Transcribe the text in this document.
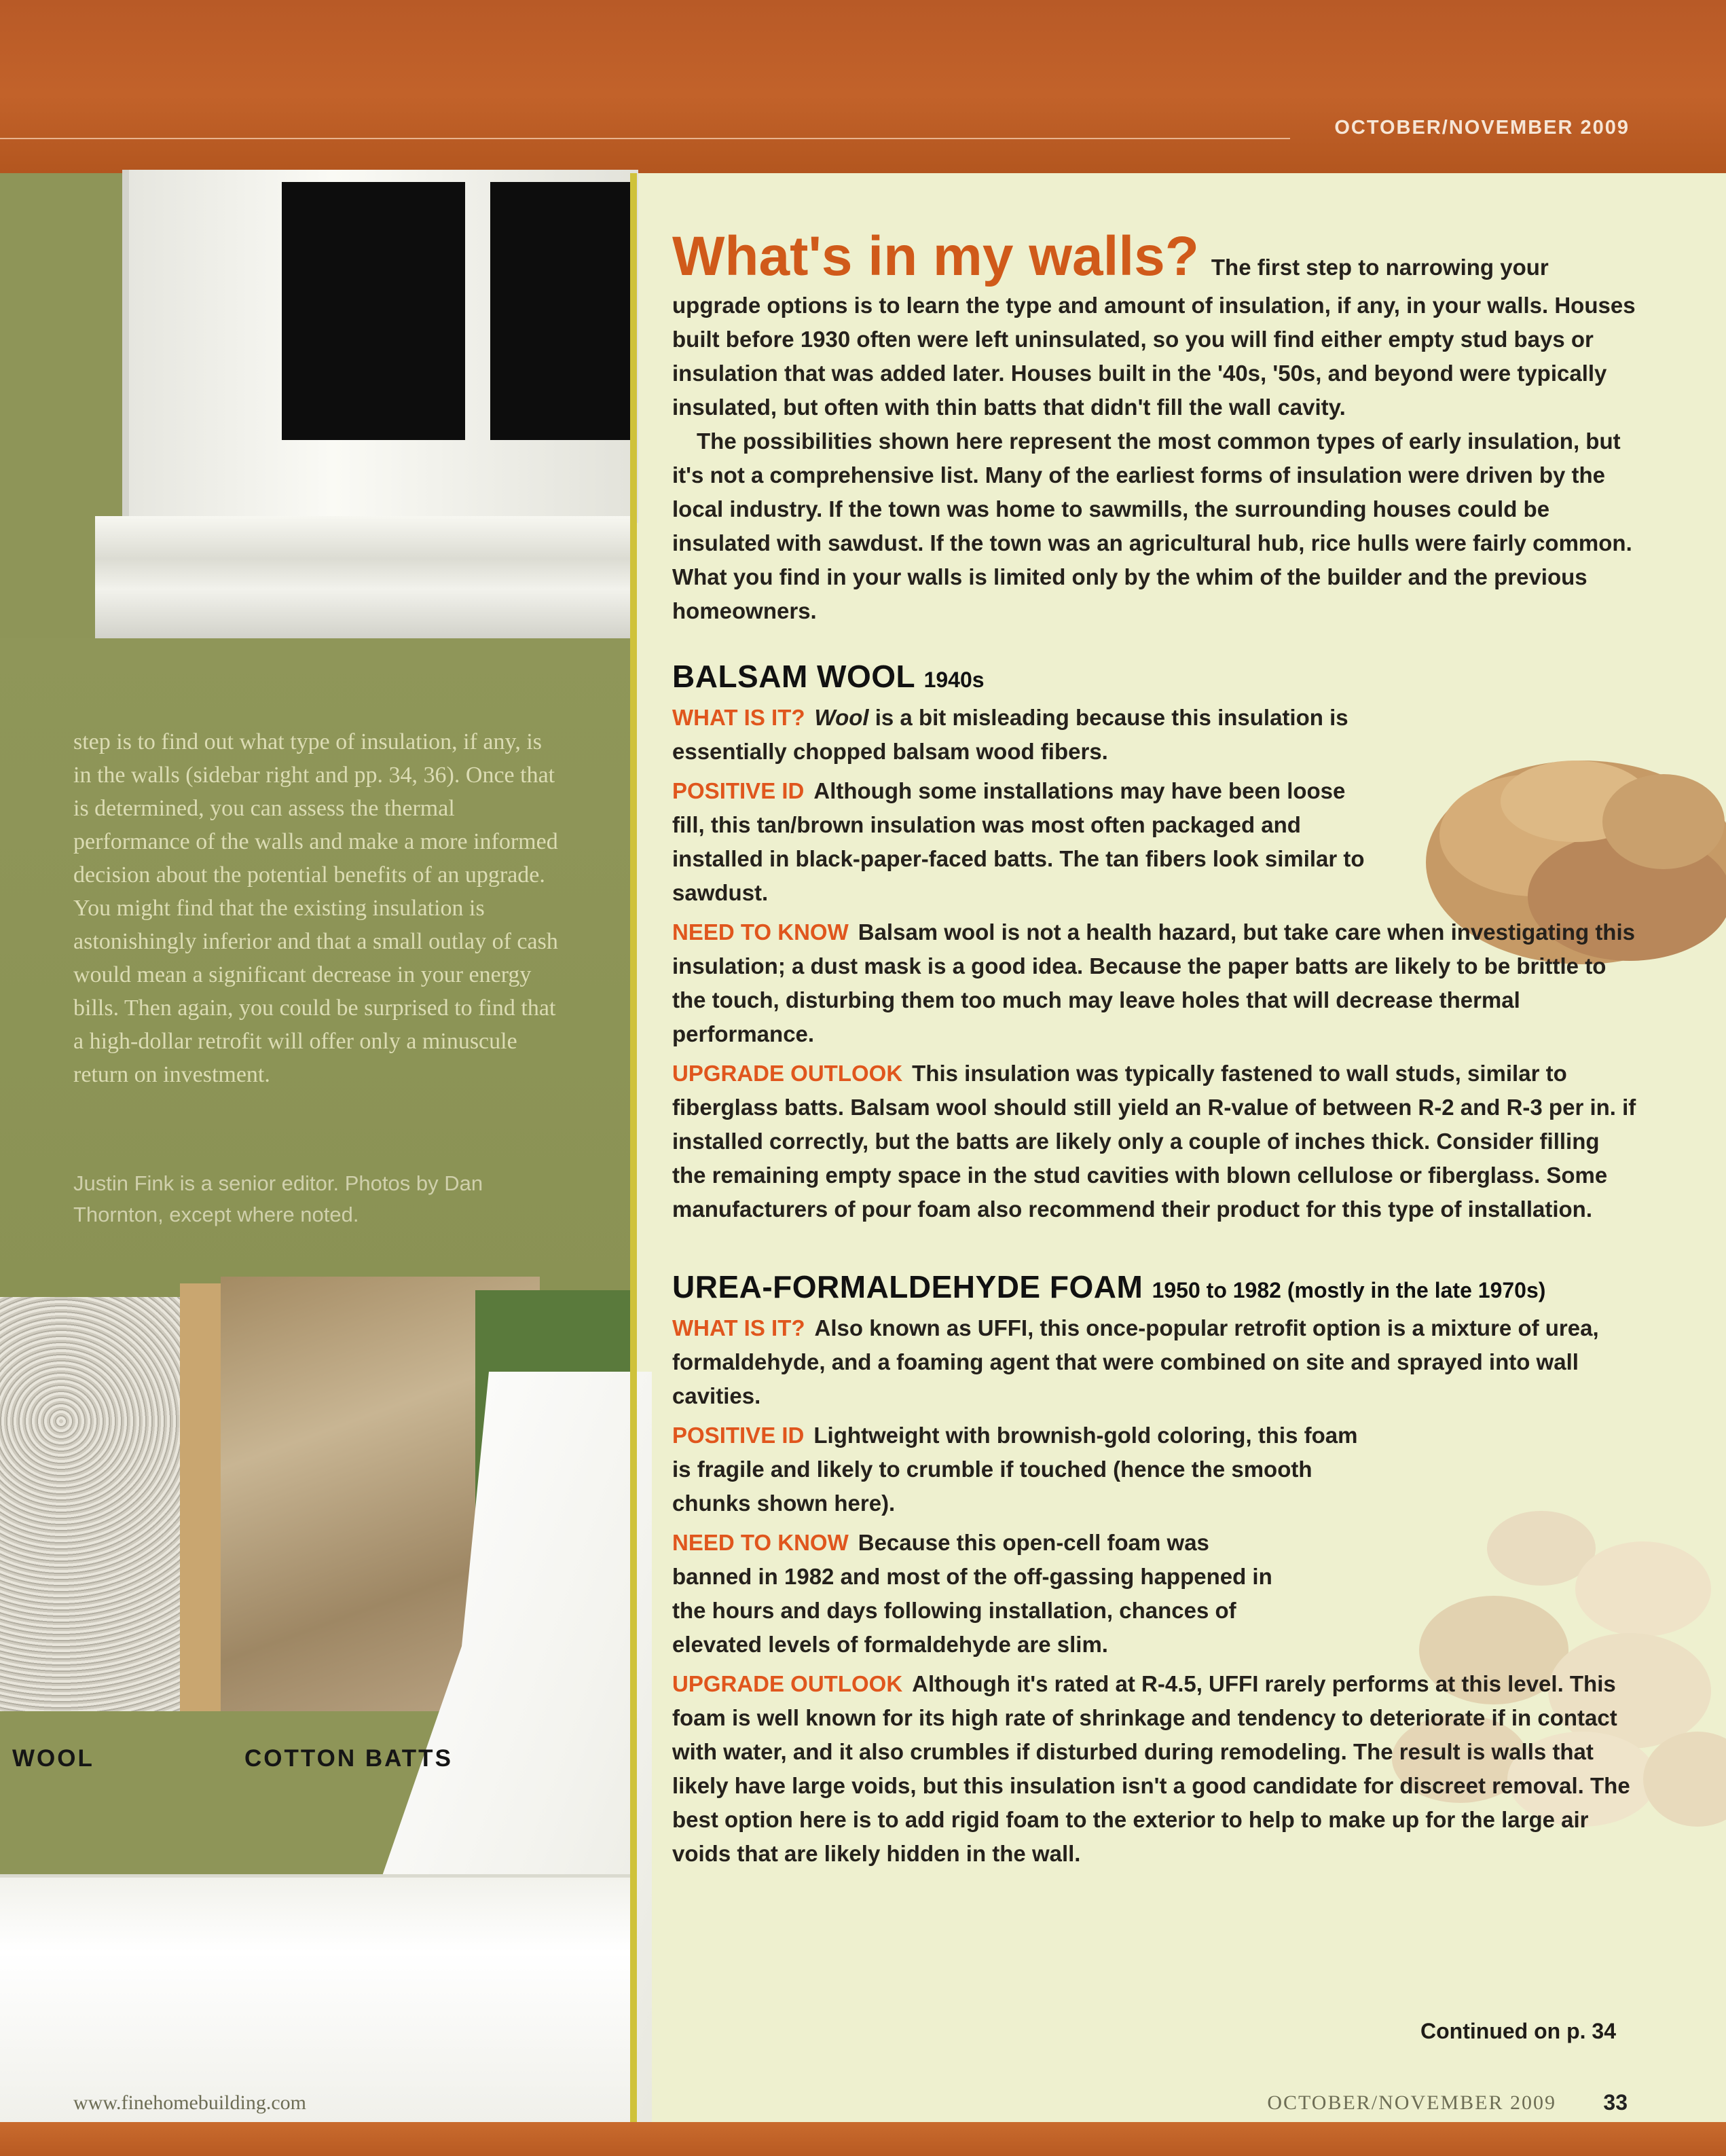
OCTOBER/NOVEMBER 2009

step is to find out what type of insulation, if any, is in the walls (sidebar right and pp. 34, 36). Once that is determined, you can assess the thermal performance of the walls and make a more informed decision about the potential benefits of an upgrade. You might find that the existing insulation is astonishingly inferior and that a small outlay of cash would mean a significant decrease in your energy bills. Then again, you could be surprised to find that a high-dollar retrofit will offer only a minuscule return on investment.

Justin Fink is a senior editor. Photos by Dan Thornton, except where noted.

WOOL	COTTON BATTS

What's in my walls? The first step to narrowing your upgrade options is to learn the type and amount of insulation, if any, in your walls. Houses built before 1930 often were left uninsulated, so you will find either empty stud bays or insulation that was added later. Houses built in the '40s, '50s, and beyond were typically insulated, but often with thin batts that didn't fill the wall cavity.

The possibilities shown here represent the most common types of early insulation, but it's not a comprehensive list. Many of the earliest forms of insulation were driven by the local industry. If the town was home to sawmills, the surrounding houses could be insulated with sawdust. If the town was an agricultural hub, rice hulls were fairly common. What you find in your walls is limited only by the whim of the builder and the previous homeowners.

BALSAM WOOL 1940s

WHAT IS IT? Wool is a bit misleading because this insulation is essentially chopped balsam wood fibers.

POSITIVE ID Although some installations may have been loose fill, this tan/brown insulation was most often packaged and installed in black-paper-faced batts. The tan fibers look similar to sawdust.

NEED TO KNOW Balsam wool is not a health hazard, but take care when investigating this insulation; a dust mask is a good idea. Because the paper batts are likely to be brittle to the touch, disturbing them too much may leave holes that will decrease thermal performance.

UPGRADE OUTLOOK This insulation was typically fastened to wall studs, similar to fiberglass batts. Balsam wool should still yield an R-value of between R-2 and R-3 per in. if installed correctly, but the batts are likely only a couple of inches thick. Consider filling the remaining empty space in the stud cavities with blown cellulose or fiberglass. Some manufacturers of pour foam also recommend their product for this type of installation.

UREA-FORMALDEHYDE FOAM 1950 to 1982 (mostly in the late 1970s)

WHAT IS IT? Also known as UFFI, this once-popular retrofit option is a mixture of urea, formaldehyde, and a foaming agent that were combined on site and sprayed into wall cavities.

POSITIVE ID Lightweight with brownish-gold coloring, this foam is fragile and likely to crumble if touched (hence the smooth chunks shown here).

NEED TO KNOW Because this open-cell foam was banned in 1982 and most of the off-gassing happened in the hours and days following installation, chances of elevated levels of formaldehyde are slim.

UPGRADE OUTLOOK Although it's rated at R-4.5, UFFI rarely performs at this level. This foam is well known for its high rate of shrinkage and tendency to deteriorate if in contact with water, and it also crumbles if disturbed during remodeling. The result is walls that likely have large voids, but this insulation isn't a good candidate for discreet removal. The best option here is to add rigid foam to the exterior to help to make up for the large air voids that are likely hidden in the wall.

Continued on p. 34
www.finehomebuilding.com	OCTOBER/NOVEMBER 2009 33
